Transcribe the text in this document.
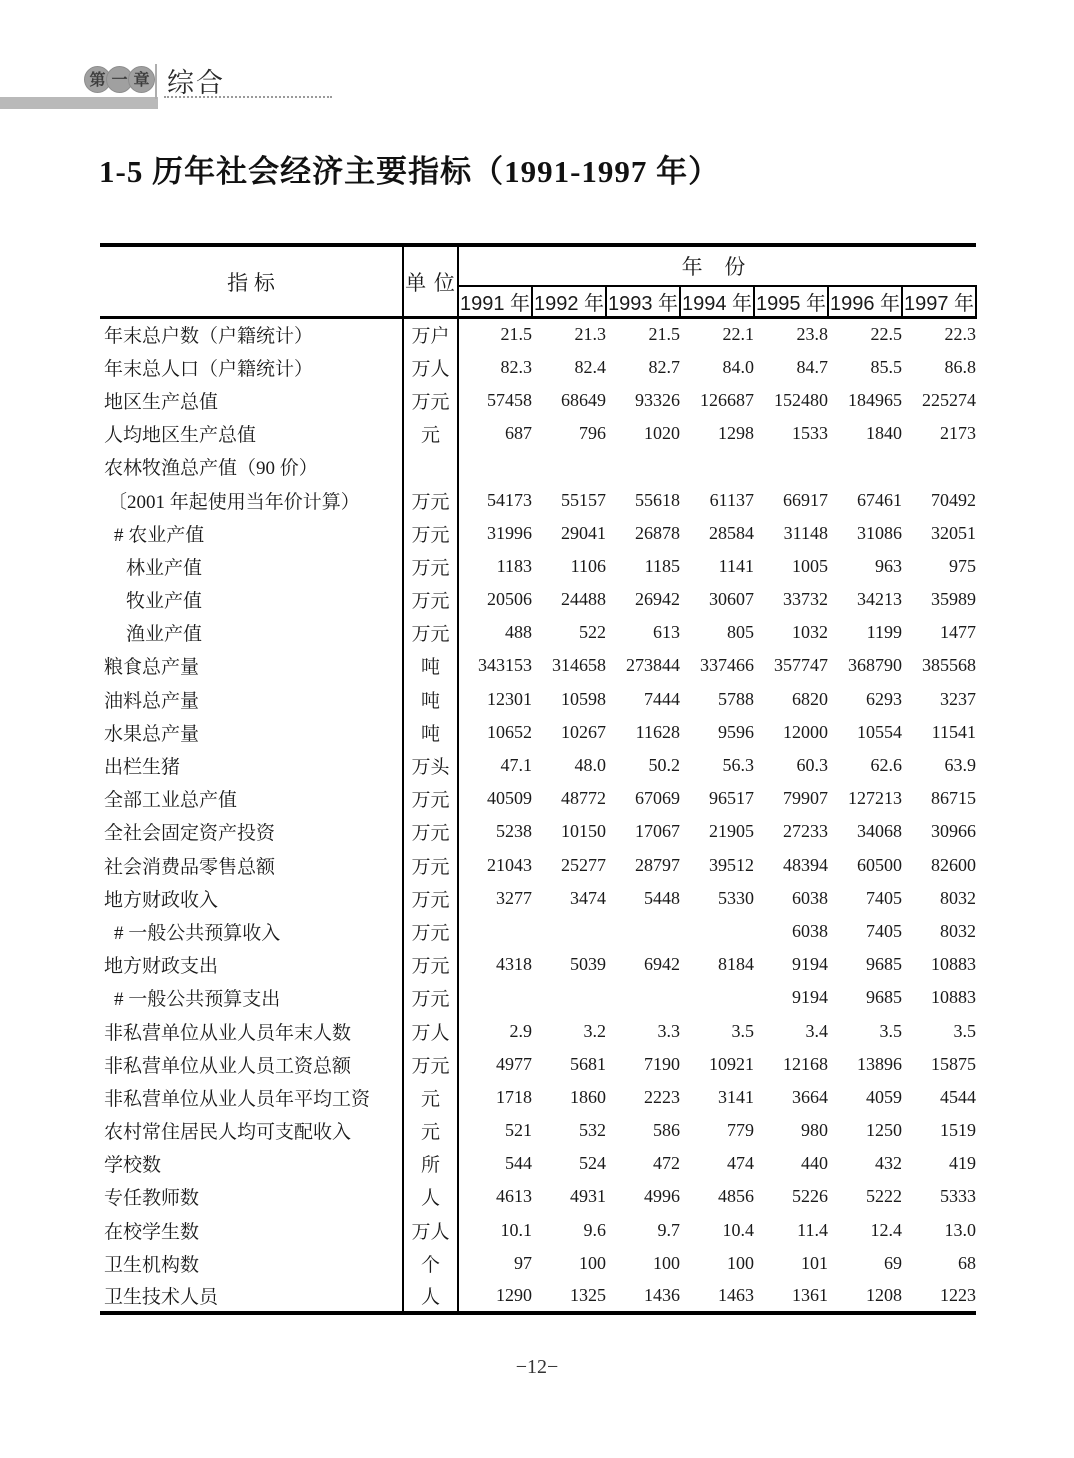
第 一 章 综合
1-5 历年社会经济主要指标（1991-1997 年）
指 标	单 位	年 份						
		1991 年	1992 年	1993 年	1994 年	1995 年	1996 年	1997 年
年末总户数（户籍统计）	万户	21.5	21.3	21.5	22.1	23.8	22.5	22.3
年末总人口（户籍统计）	万人	82.3	82.4	82.7	84.0	84.7	85.5	86.8
地区生产总值	万元	57458	68649	93326	126687	152480	184965	225274
人均地区生产总值	元	687	796	1020	1298	1533	1840	2173
农林牧渔总产值（90 价）								
〔2001 年起使用当年价计算）	万元	54173	55157	55618	61137	66917	67461	70492
# 农业产值	万元	31996	29041	26878	28584	31148	31086	32051
林业产值	万元	1183	1106	1185	1141	1005	963	975
牧业产值	万元	20506	24488	26942	30607	33732	34213	35989
渔业产值	万元	488	522	613	805	1032	1199	1477
粮食总产量	吨	343153	314658	273844	337466	357747	368790	385568
油料总产量	吨	12301	10598	7444	5788	6820	6293	3237
水果总产量	吨	10652	10267	11628	9596	12000	10554	11541
出栏生猪	万头	47.1	48.0	50.2	56.3	60.3	62.6	63.9
全部工业总产值	万元	40509	48772	67069	96517	79907	127213	86715
全社会固定资产投资	万元	5238	10150	17067	21905	27233	34068	30966
社会消费品零售总额	万元	21043	25277	28797	39512	48394	60500	82600
地方财政收入	万元	3277	3474	5448	5330	6038	7405	8032
# 一般公共预算收入	万元					6038	7405	8032
地方财政支出	万元	4318	5039	6942	8184	9194	9685	10883
# 一般公共预算支出	万元					9194	9685	10883
非私营单位从业人员年末人数	万人	2.9	3.2	3.3	3.5	3.4	3.5	3.5
非私营单位从业人员工资总额	万元	4977	5681	7190	10921	12168	13896	15875
非私营单位从业人员年平均工资	元	1718	1860	2223	3141	3664	4059	4544
农村常住居民人均可支配收入	元	521	532	586	779	980	1250	1519
学校数	所	544	524	472	474	440	432	419
专任教师数	人	4613	4931	4996	4856	5226	5222	5333
在校学生数	万人	10.1	9.6	9.7	10.4	11.4	12.4	13.0
卫生机构数	个	97	100	100	100	101	69	68
卫生技术人员	人	1290	1325	1436	1463	1361	1208	1223
−12−
